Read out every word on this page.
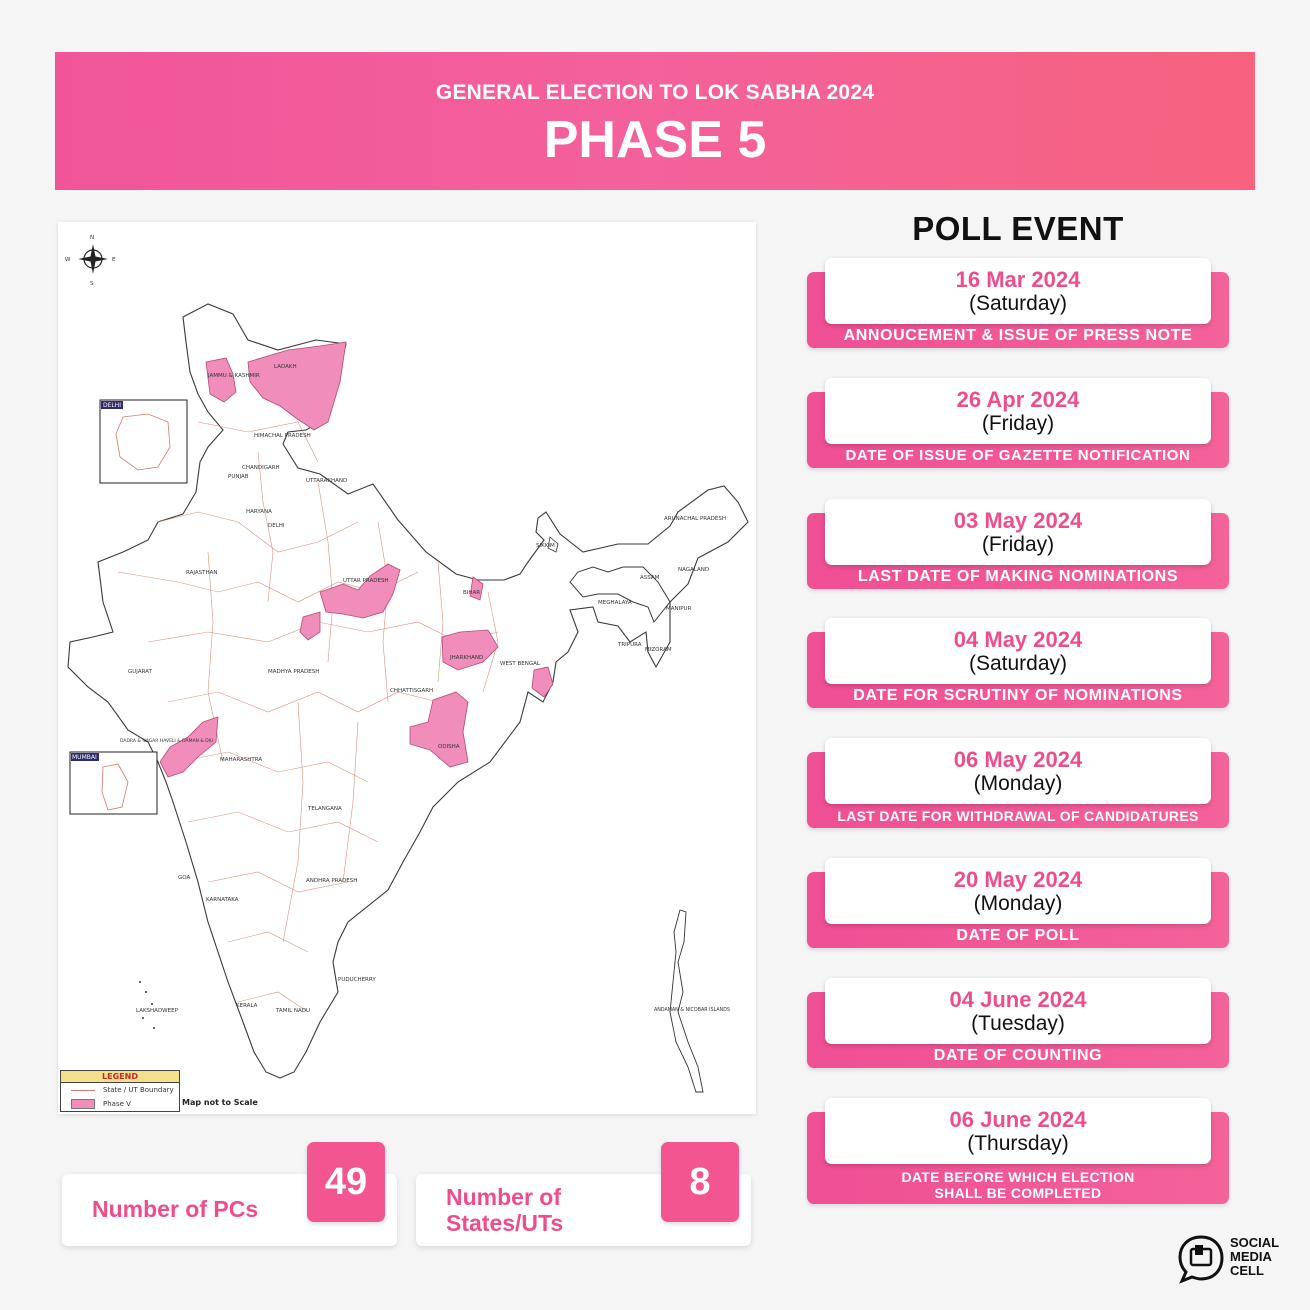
GENERAL ELECTION TO LOK SABHA 2024
PHASE 5
N
S
E
W
DELHI
MUMBAI
LADAKH
JAMMU & KASHMIR
HIMACHAL PRADESH
CHANDIGARH
PUNJAB
UTTARAKHAND
HARYANA
DELHI
RAJASTHAN
UTTAR PRADESH
BIHAR
SIKKIM
ARUNACHAL PRADESH
ASSAM
NAGALAND
MEGHALAYA
MANIPUR
TRIPURA
MIZORAM
JHARKHAND
WEST BENGAL
GUJARAT	MADHYA PRADESH
CHHATTISGARH
ODISHA
DADRA & NAGAR HAVELI & DAMAN & DIU
MAHARASHTRA
TELANGANA
GOA	ANDHRA PRADESH
KARNATAKA
PUDUCHERRY
LAKSHADWEEP
KERALA
TAMIL NADU	ANDAMAN & NICOBAR ISLANDS
LEGEND
State / UT Boundary
Phase V	Map not to Scale
POLL EVENT
16 Mar 2024
(Saturday)
ANNOUCEMENT & ISSUE OF PRESS NOTE
26 Apr 2024
(Friday)
DATE OF ISSUE OF GAZETTE NOTIFICATION
03 May 2024
(Friday)
LAST DATE OF MAKING NOMINATIONS
04 May 2024
(Saturday)
DATE FOR SCRUTINY OF NOMINATIONS
06 May 2024
(Monday)
LAST DATE FOR WITHDRAWAL OF CANDIDATURES
20 May 2024
(Monday)
DATE OF POLL
04 June 2024
(Tuesday)
DATE OF COUNTING
06 June 2024
(Thursday)
DATE BEFORE WHICH ELECTION
SHALL BE COMPLETED
Number of PCs
49	Number of
States/UTs
8
SOCIAL
MEDIA
CELL
